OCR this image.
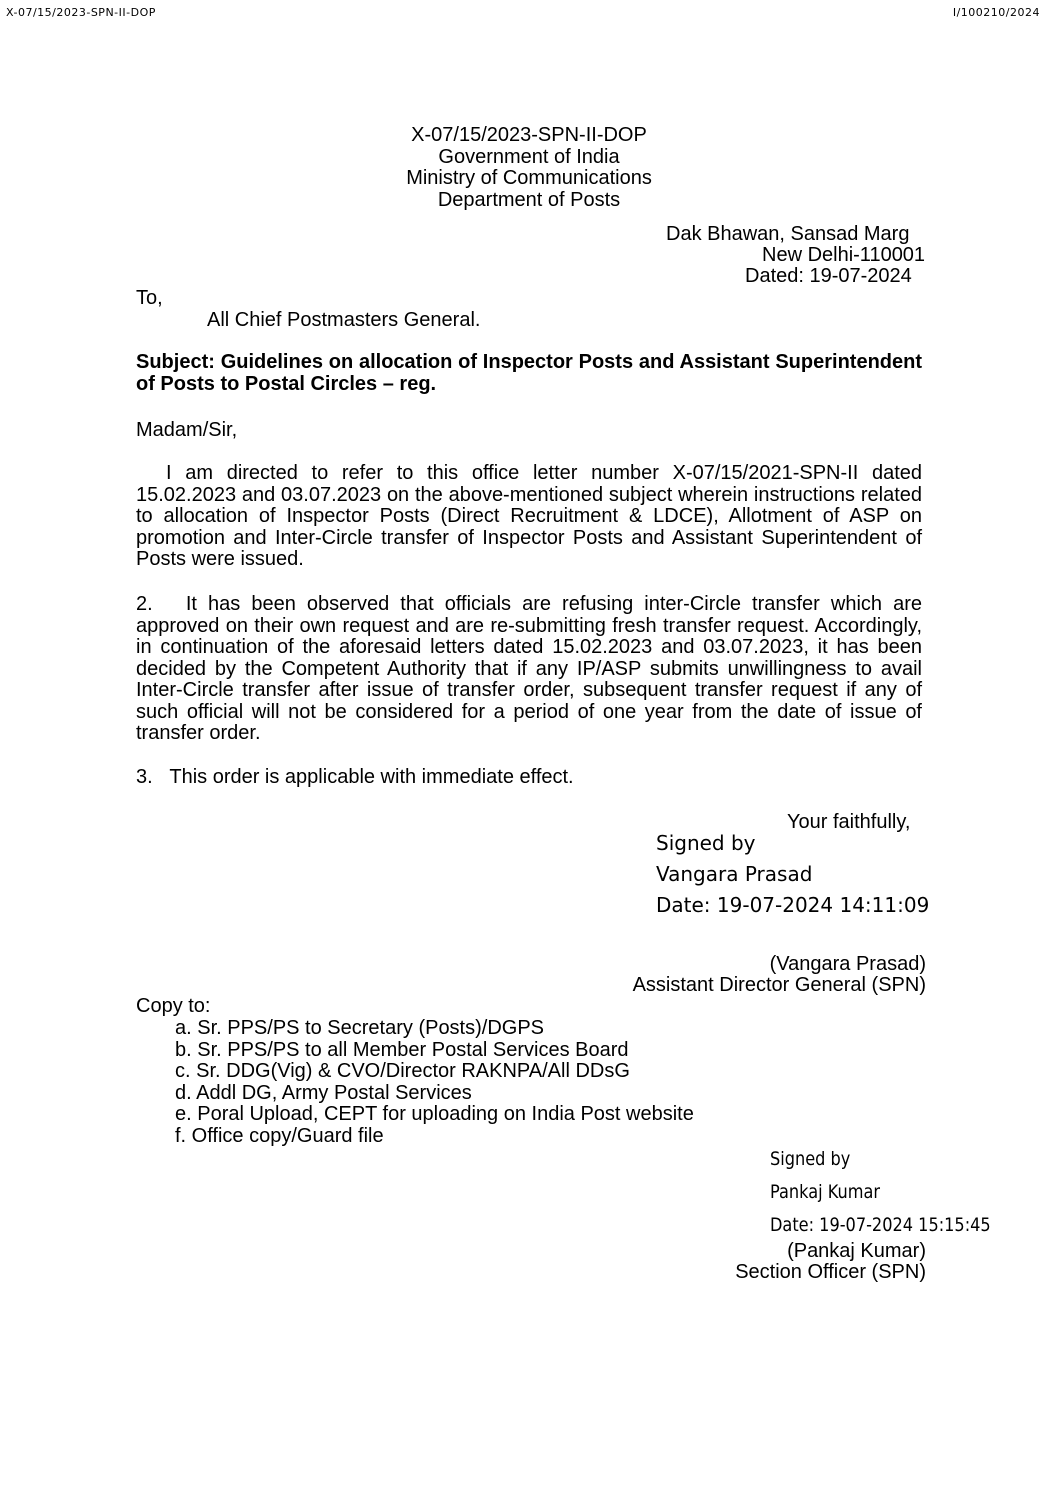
X-07/15/2023-SPN-II-DOP	I/100210/2024
X-07/15/2023-SPN-II-DOP
Government of India
Ministry of Communications
Department of Posts
Dak Bhawan, Sansad Marg
New Delhi-110001
Dated: 19-07-2024
To,
All Chief Postmasters General.
Subject: Guidelines on allocation of Inspector Posts and Assistant Superintendent of Posts to Postal Circles – reg.
Madam/Sir,
I am directed to refer to this office letter number X-07/15/2021-SPN-II dated 15.02.2023 and 03.07.2023 on the above-mentioned subject wherein instructions related to allocation of Inspector Posts (Direct Recruitment & LDCE), Allotment of ASP on promotion and Inter-Circle transfer of Inspector Posts and Assistant Superintendent of Posts were issued.
2.   It has been observed that officials are refusing inter-Circle transfer which are approved on their own request and are re-submitting fresh transfer request. Accordingly, in continuation of the aforesaid letters dated 15.02.2023 and 03.07.2023, it has been decided by the Competent Authority that if any IP/ASP submits unwillingness to avail Inter-Circle transfer after issue of transfer order, subsequent transfer request if any of such official will not be considered for a period of one year from the date of issue of transfer order.
3.   This order is applicable with immediate effect.
Your faithfully,
Signed by
Vangara Prasad
Date: 19-07-2024 14:11:09
(Vangara Prasad)
Assistant Director General (SPN)
Copy to:
a. Sr. PPS/PS to Secretary (Posts)/DGPS
b. Sr. PPS/PS to all Member Postal Services Board
c. Sr. DDG(Vig) & CVO/Director RAKNPA/All DDsG
d. Addl DG, Army Postal Services
e. Poral Upload, CEPT for uploading on India Post website
f. Office copy/Guard file
Signed by
Pankaj Kumar
Date: 19-07-2024 15:15:45
(Pankaj Kumar)
Section Officer (SPN)
